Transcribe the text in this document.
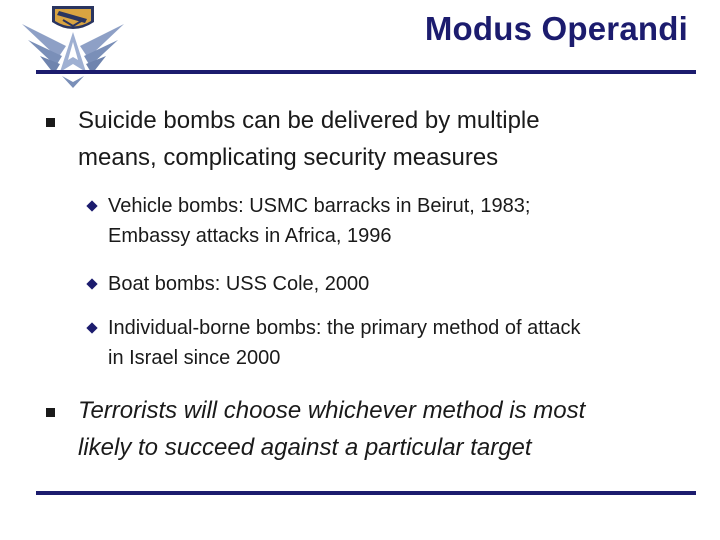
Modus Operandi
Suicide bombs can be delivered by multiple
means, complicating security measures
Vehicle bombs: USMC barracks in Beirut, 1983;
Embassy attacks in Africa, 1996
Boat bombs: USS Cole, 2000
Individual-borne bombs: the primary method of attack
in Israel since 2000
Terrorists will choose whichever method is most
likely to succeed against a particular target
